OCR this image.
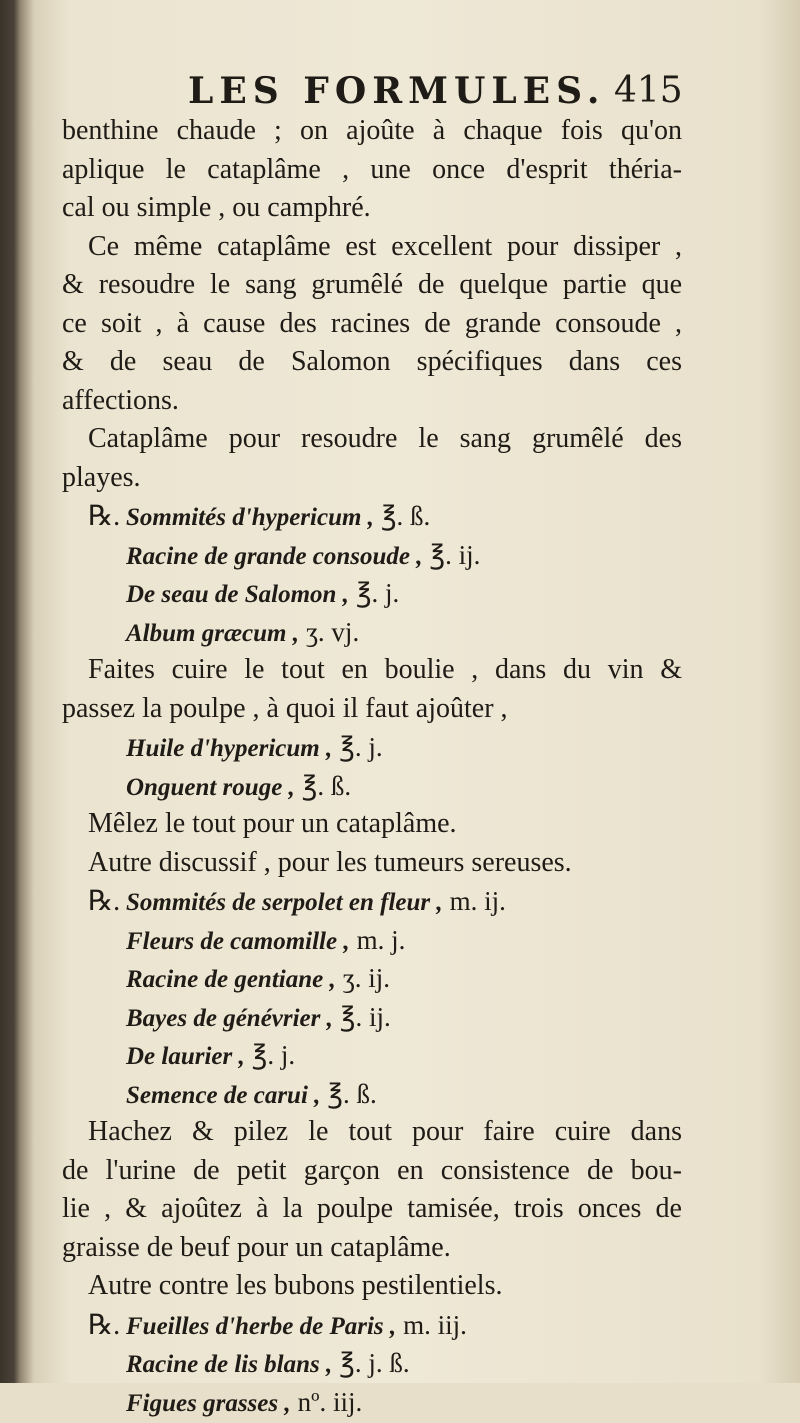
LES FORMULES. 415
benthine chaude ; on ajoûte à chaque fois qu'on
aplique le cataplâme , une once d'esprit théria-
cal ou simple , ou camphré.
Ce même cataplâme est excellent pour dissiper ,
& resoudre le sang grumêlé de quelque partie que
ce soit , à cause des racines de grande consoude ,
& de seau de Salomon spécifiques dans ces
affections.
Cataplâme pour resoudre le sang grumêlé des
playes.
℞. Sommités d'hypericum , ℥. ß.
Racine de grande consoude , ℥. ij.
De seau de Salomon , ℥. j.
Album græcum , ʒ. vj.
Faites cuire le tout en boulie , dans du vin &
passez la poulpe , à quoi il faut ajoûter ,
Huile d'hypericum , ℥. j.
Onguent rouge , ℥. ß.
Mêlez le tout pour un cataplâme.
Autre discussif , pour les tumeurs sereuses.
℞. Sommités de serpolet en fleur , m. ij.
Fleurs de camomille , m. j.
Racine de gentiane , ʒ. ij.
Bayes de génévrier , ℥. ij.
De laurier , ℥. j.
Semence de carui , ℥. ß.
Hachez & pilez le tout pour faire cuire dans
de l'urine de petit garçon en consistence de bou-
lie , & ajoûtez à la poulpe tamisée, trois onces de
graisse de beuf pour un cataplâme.
Autre contre les bubons pestilentiels.
℞. Fueilles d'herbe de Paris , m. iij.
Racine de lis blans , ℥. j. ß.
Figues grasses , nº. iij.
